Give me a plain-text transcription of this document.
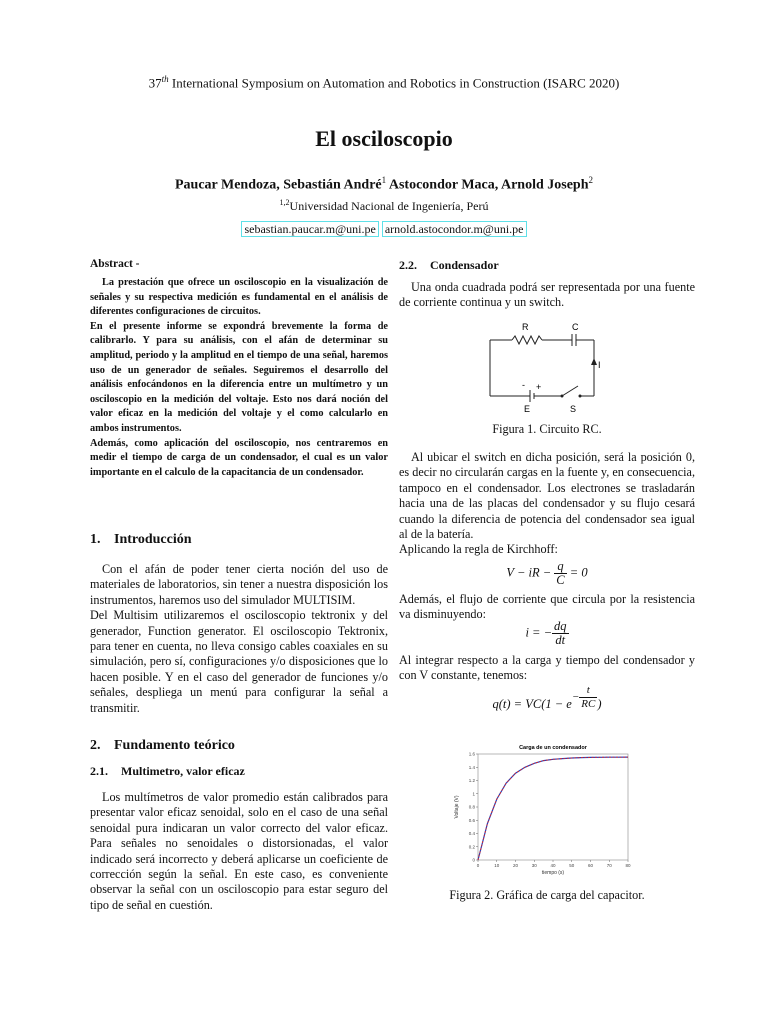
37th International Symposium on Automation and Robotics in Construction (ISARC 2020)
El osciloscopio
Paucar Mendoza, Sebastián André$^1$ Astocondor Maca, Arnold Joseph$^2$
$^{1,2}$Universidad Nacional de Ingeniería, Perú
sebastian.paucar.m@uni.pe arnold.astocondor.m@uni.pe
Abstract -
La prestación que ofrece un osciloscopio en la visualización de señales y su respectiva medición es fundamental en el análisis de diferentes configuraciones de circuitos.
En el presente informe se expondrá brevemente la forma de calibrarlo. Y para su análisis, con el afán de determinar su amplitud, periodo y la amplitud en el tiempo de una señal, haremos uso de un generador de señales. Seguiremos el desarrollo del análisis enfocándonos en la diferencia entre un multímetro y un osciloscopio en la medición del voltaje. Esto nos dará noción del valor eficaz en la medición del voltaje y el como calcularlo en ambos instrumentos.
Además, como aplicación del osciloscopio, nos centraremos en medir el tiempo de carga de un condensador, el cual es un valor importante en el calculo de la capacitancia de un condensador.
1. Introducción
Con el afán de poder tener cierta noción del uso de materiales de laboratorios, sin tener a nuestra disposición los instrumentos, haremos uso del simulador MULTISIM.
Del Multisim utilizaremos el osciloscopio tektronix y del generador, Function generator. El osciloscopio Tektronix, para tener en cuenta, no lleva consigo cables coaxiales en su simulación, pero sí, configuraciones y/o disposiciones que lo hacen posible. Y en el caso del generador de funciones y/o señales, despliega un menú para configurar la señal a transmitir.
2. Fundamento teórico
2.1. Multimetro, valor eficaz
Los multímetros de valor promedio están calibrados para presentar valor eficaz senoidal, solo en el caso de una señal senoidal pura indicaran un valor correcto del valor eficaz. Para señales no senoidales o distorsionadas, el valor indicado será incorrecto y deberá aplicarse un coeficiente de corrección según la señal. En este caso, es conveniente observar la señal con un osciloscopio para estar seguro del tipo de señal en cuestión.
2.2. Condensador
Una onda cuadrada podrá ser representada por una fuente de corriente continua y un switch.
R	C
I
- +
E	S
Figura 1. Circuito RC.
Al ubicar el switch en dicha posición, será la posición 0, es decir no circularán cargas en la fuente y, en consecuencia, tampoco en el condensador. Los electrones se trasladarán hacia una de las placas del condensador y su flujo cesará cuando la diferencia de potencia del condensador sea igual al de la batería.
Aplicando la regla de Kirchhoff:
V − iR − $\frac{q}{C} = 0$
Además, el flujo de corriente que circula por la resistencia va disminuyendo:
i = − $\frac{dq}{dt}$
Al integrar respecto a la carga y tiempo del condensador y con V constante, tenemos:
$q(t) = VC(1 - e^{- \frac{t}{RC}}$ )
Carga de un condensador
0	10	20	30	40	50	60	70	80
0
0.2
0.4
0.6
0.8
1
1.2
1.4
1.6
tiempo (s)
Voltaje (V)
Figura 2. Gráfica de carga del capacitor.
